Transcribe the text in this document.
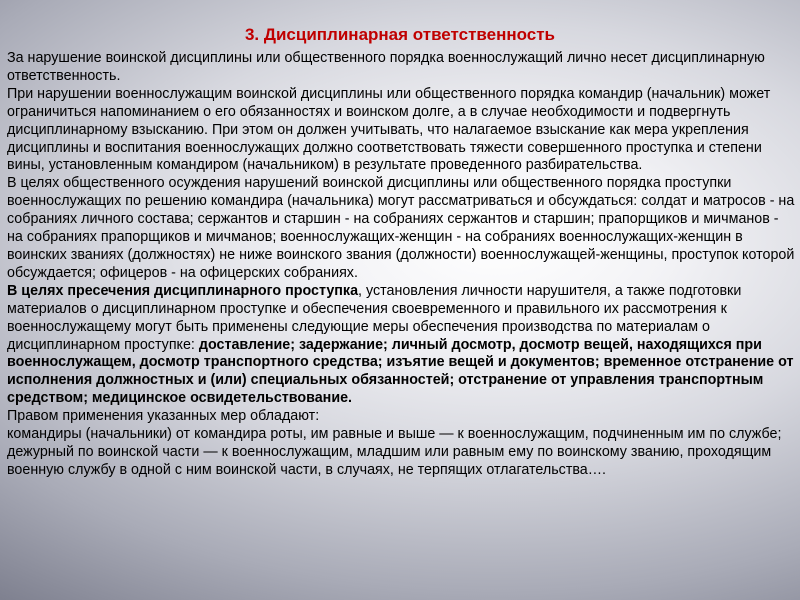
3. Дисциплинарная ответственность

За нарушение воинской дисциплины или общественного порядка военнослужащий лично несет дисциплинарную ответственность.

При нарушении военнослужащим воинской дисциплины или общественного порядка командир (начальник) может ограничиться напоминанием о его обязанностях и воинском долге, а в случае необходимости и подвергнуть дисциплинарному взысканию. При этом он должен учитывать, что налагаемое взыскание как мера укрепления дисциплины и воспитания военнослужащих должно соответствовать тяжести совершенного проступка и степени вины, установленным командиром (начальником) в результате проведенного разбирательства.

В целях общественного осуждения нарушений воинской дисциплины или общественного порядка проступки военнослужащих по решению командира (начальника) могут рассматриваться и обсуждаться: солдат и матросов - на собраниях личного состава; сержантов и старшин - на собраниях сержантов и старшин; прапорщиков и мичманов - на собраниях прапорщиков и мичманов; военнослужащих-женщин - на собраниях военнослужащих-женщин в воинских званиях (должностях) не ниже воинского звания (должности) военнослужащей-женщины, проступок которой обсуждается; офицеров - на офицерских собраниях.

В целях пресечения дисциплинарного проступка, установления личности нарушителя, а также подготовки материалов о дисциплинарном проступке и обеспечения своевременного и правильного их рассмотрения к военнослужащему могут быть применены следующие меры обеспечения производства по материалам о дисциплинарном проступке: доставление; задержание; личный досмотр, досмотр вещей, находящихся при военнослужащем, досмотр транспортного средства; изъятие вещей и документов; временное отстранение от исполнения должностных и (или) специальных обязанностей; отстранение от управления транспортным средством; медицинское освидетельствование.

Правом применения указанных мер обладают:

командиры (начальники) от командира роты, им равные и выше — к военнослужащим, подчиненным им по службе;

дежурный по воинской части — к военнослужащим, младшим или равным ему по воинскому званию, проходящим военную службу в одной с ним воинской части, в случаях, не терпящих отлагательства….
